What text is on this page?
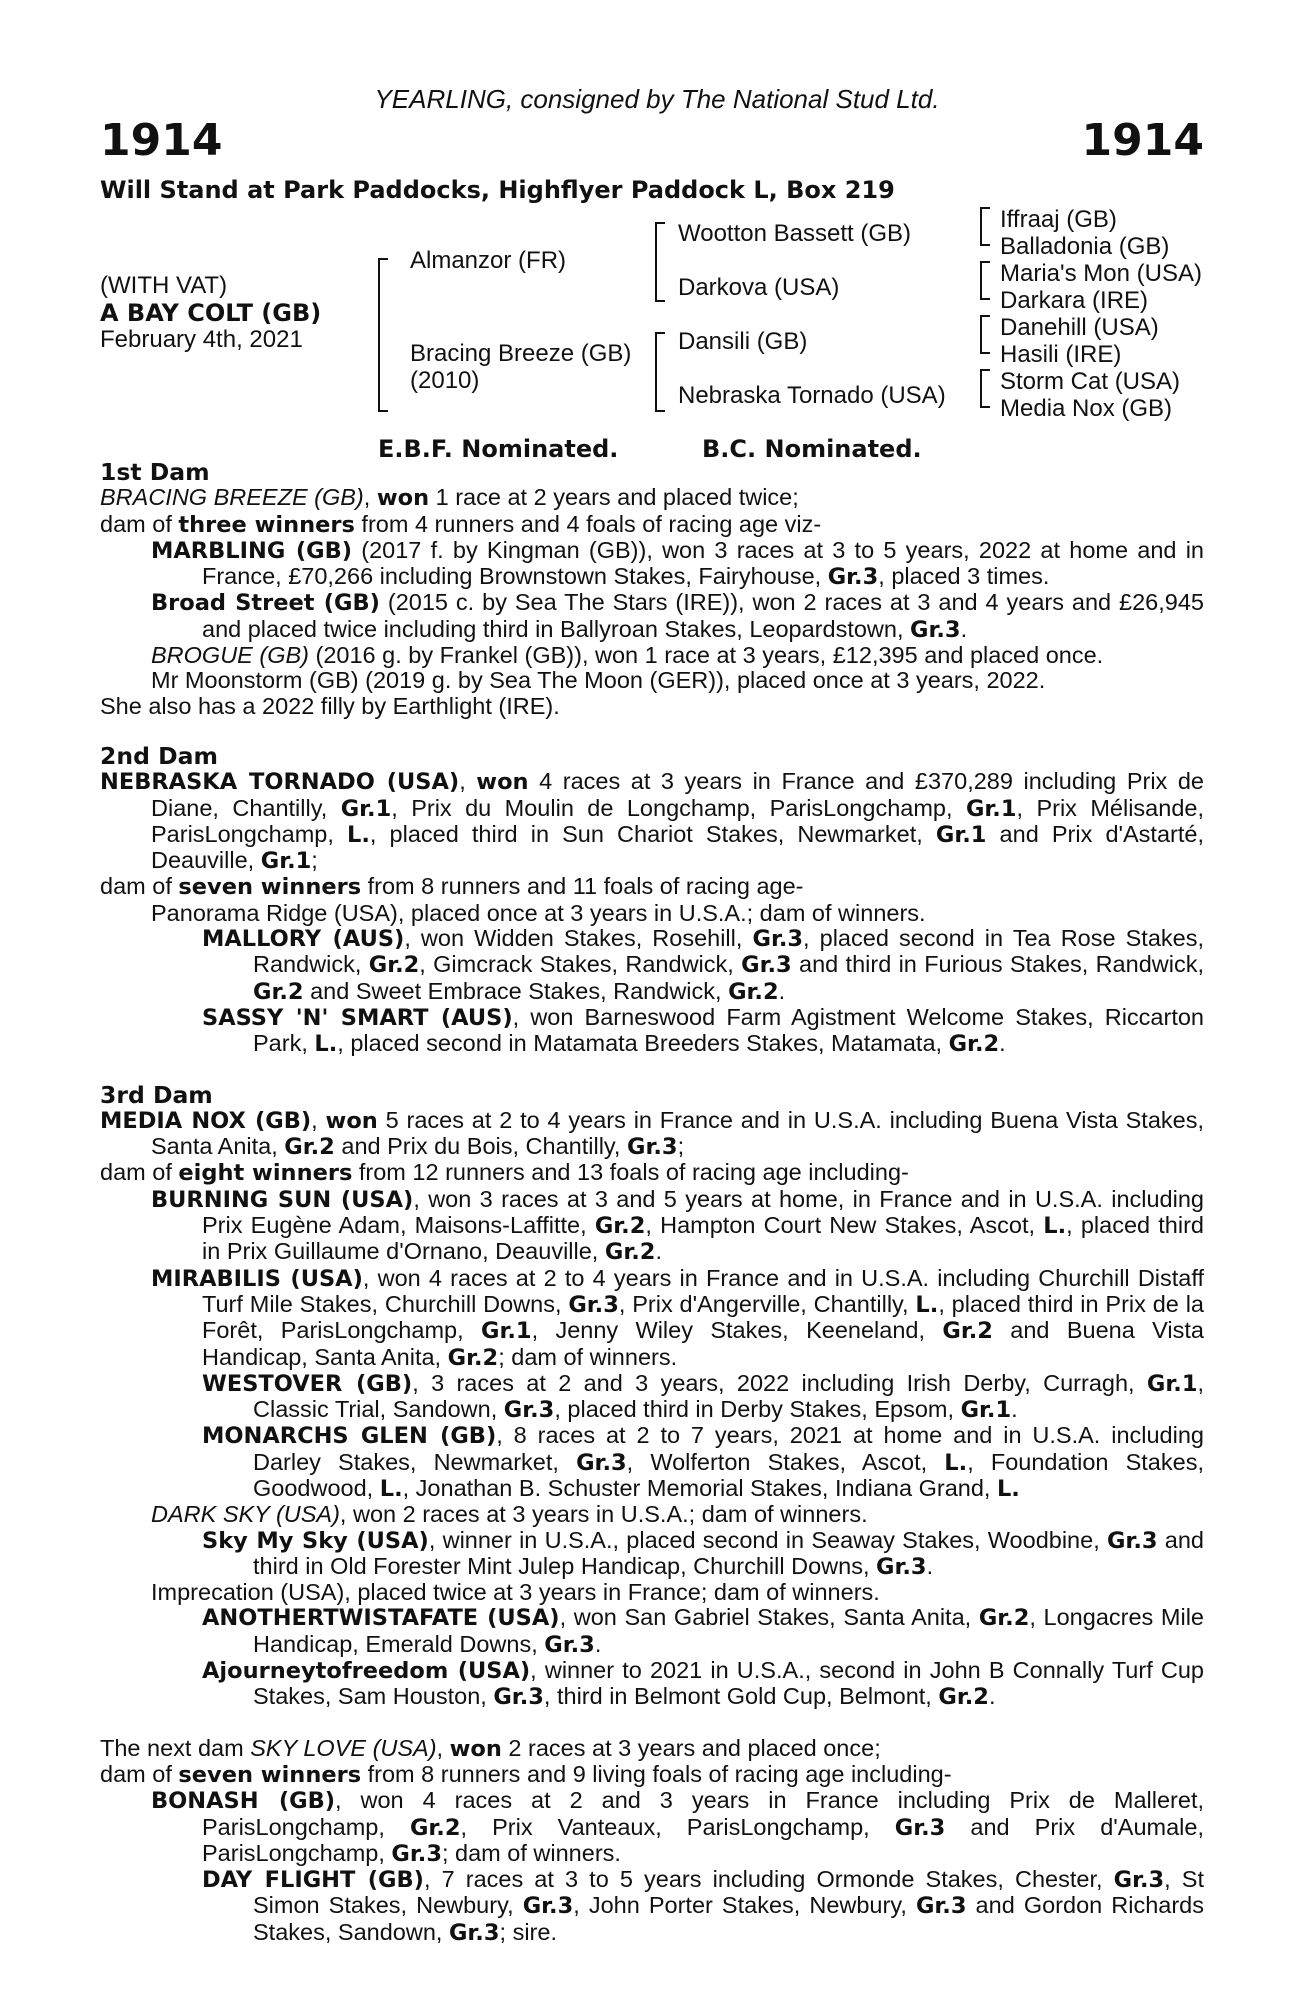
YEARLING, consigned by The National Stud Ltd.
1914	1914
Will Stand at Park Paddocks, Highflyer Paddock L, Box 219
(WITH VAT)
A BAY COLT (GB)
February 4th, 2021
Almanzor (FR)
Bracing Breeze (GB)
(2010)
Wootton Bassett (GB)
Darkova (USA)
Dansili (GB)
Nebraska Tornado (USA)
Iffraaj (GB)
Balladonia (GB)
Maria's Mon (USA)
Darkara (IRE)
Danehill (USA)
Hasili (IRE)
Storm Cat (USA)
Media Nox (GB)
E.B.F. Nominated.	B.C. Nominated.

1st Dam

BRACING BREEZE (GB), won 1 race at 2 years and placed twice;

dam of three winners from 4 runners and 4 foals of racing age viz-

MARBLING (GB) (2017 f. by Kingman (GB)), won 3 races at 3 to 5 years, 2022 at home and in France, £70,266 including Brownstown Stakes, Fairyhouse, Gr.3, placed 3 times.

Broad Street (GB) (2015 c. by Sea The Stars (IRE)), won 2 races at 3 and 4 years and £26,945 and placed twice including third in Ballyroan Stakes, Leopardstown, Gr.3.

BROGUE (GB) (2016 g. by Frankel (GB)), won 1 race at 3 years, £12,395 and placed once.

Mr Moonstorm (GB) (2019 g. by Sea The Moon (GER)), placed once at 3 years, 2022.

She also has a 2022 filly by Earthlight (IRE).

2nd Dam

NEBRASKA TORNADO (USA), won 4 races at 3 years in France and £370,289 including Prix de Diane, Chantilly, Gr.1, Prix du Moulin de Longchamp, ParisLongchamp, Gr.1, Prix Mélisande, ParisLongchamp, L., placed third in Sun Chariot Stakes, Newmarket, Gr.1 and Prix d'Astarté, Deauville, Gr.1;

dam of seven winners from 8 runners and 11 foals of racing age-

Panorama Ridge (USA), placed once at 3 years in U.S.A.; dam of winners.

MALLORY (AUS), won Widden Stakes, Rosehill, Gr.3, placed second in Tea Rose Stakes, Randwick, Gr.2, Gimcrack Stakes, Randwick, Gr.3 and third in Furious Stakes, Randwick, Gr.2 and Sweet Embrace Stakes, Randwick, Gr.2.

SASSY 'N' SMART (AUS), won Barneswood Farm Agistment Welcome Stakes, Riccarton Park, L., placed second in Matamata Breeders Stakes, Matamata, Gr.2.

3rd Dam

MEDIA NOX (GB), won 5 races at 2 to 4 years in France and in U.S.A. including Buena Vista Stakes, Santa Anita, Gr.2 and Prix du Bois, Chantilly, Gr.3;

dam of eight winners from 12 runners and 13 foals of racing age including-

BURNING SUN (USA), won 3 races at 3 and 5 years at home, in France and in U.S.A. including Prix Eugène Adam, Maisons-Laffitte, Gr.2, Hampton Court New Stakes, Ascot, L., placed third in Prix Guillaume d'Ornano, Deauville, Gr.2.

MIRABILIS (USA), won 4 races at 2 to 4 years in France and in U.S.A. including Churchill Distaff Turf Mile Stakes, Churchill Downs, Gr.3, Prix d'Angerville, Chantilly, L., placed third in Prix de la Forêt, ParisLongchamp, Gr.1, Jenny Wiley Stakes, Keeneland, Gr.2 and Buena Vista Handicap, Santa Anita, Gr.2; dam of winners.

WESTOVER (GB), 3 races at 2 and 3 years, 2022 including Irish Derby, Curragh, Gr.1, Classic Trial, Sandown, Gr.3, placed third in Derby Stakes, Epsom, Gr.1.

MONARCHS GLEN (GB), 8 races at 2 to 7 years, 2021 at home and in U.S.A. including Darley Stakes, Newmarket, Gr.3, Wolferton Stakes, Ascot, L., Foundation Stakes, Goodwood, L., Jonathan B. Schuster Memorial Stakes, Indiana Grand, L.

DARK SKY (USA), won 2 races at 3 years in U.S.A.; dam of winners.

Sky My Sky (USA), winner in U.S.A., placed second in Seaway Stakes, Woodbine, Gr.3 and third in Old Forester Mint Julep Handicap, Churchill Downs, Gr.3.

Imprecation (USA), placed twice at 3 years in France; dam of winners.

ANOTHERTWISTAFATE (USA), won San Gabriel Stakes, Santa Anita, Gr.2, Longacres Mile Handicap, Emerald Downs, Gr.3.

Ajourneytofreedom (USA), winner to 2021 in U.S.A., second in John B Connally Turf Cup Stakes, Sam Houston, Gr.3, third in Belmont Gold Cup, Belmont, Gr.2.

The next dam SKY LOVE (USA), won 2 races at 3 years and placed once;

dam of seven winners from 8 runners and 9 living foals of racing age including-

BONASH (GB), won 4 races at 2 and 3 years in France including Prix de Malleret, ParisLongchamp, Gr.2, Prix Vanteaux, ParisLongchamp, Gr.3 and Prix d'Aumale, ParisLongchamp, Gr.3; dam of winners.

DAY FLIGHT (GB), 7 races at 3 to 5 years including Ormonde Stakes, Chester, Gr.3, St Simon Stakes, Newbury, Gr.3, John Porter Stakes, Newbury, Gr.3 and Gordon Richards Stakes, Sandown, Gr.3; sire.
